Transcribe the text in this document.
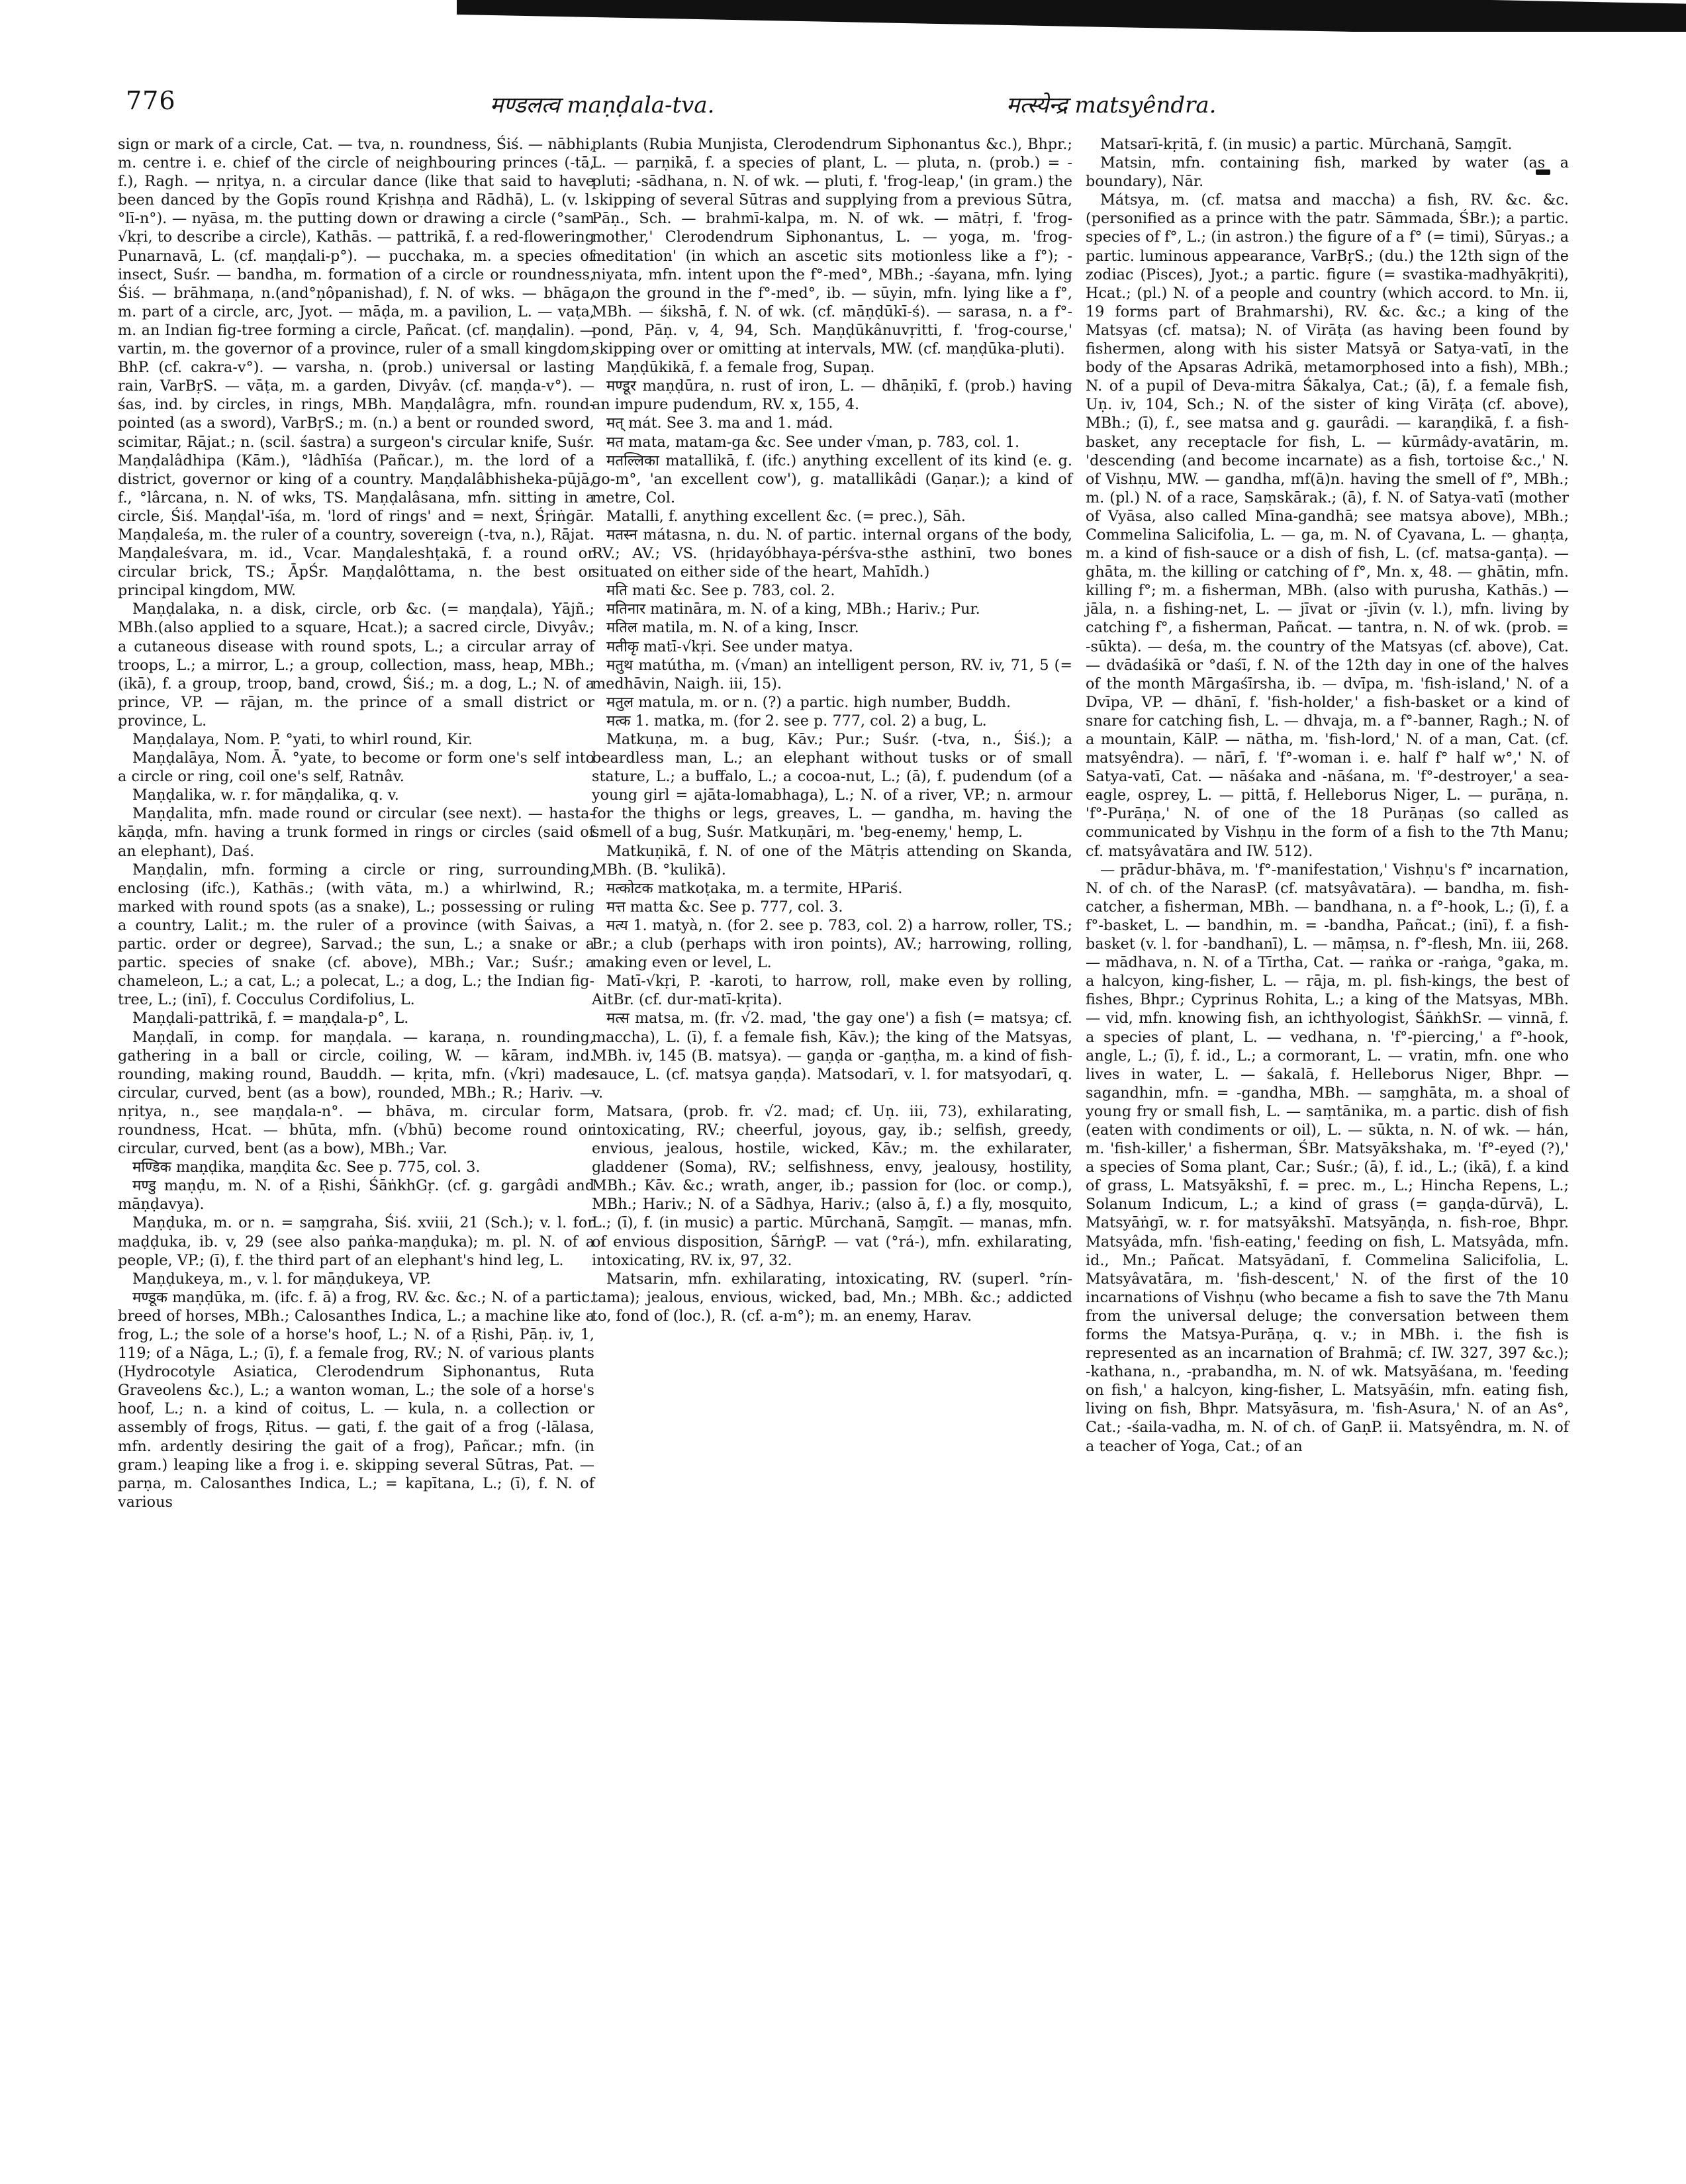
776	मण्डलत्व maṇḍala-tva.	मत्स्येन्द्र matsyêndra.

sign or mark of a circle, Cat. — tva, n. roundness, Śiś. — nābhi, m. centre i. e. chief of the circle of neighbouring princes (-tā, f.), Ragh. — nṛitya, n. a circular dance (like that said to have been danced by the Gopīs round Kṛishṇa and Rādhā), L. (v. l. °lī-n°). — nyāsa, m. the putting down or drawing a circle (°sam √kṛi, to describe a circle), Kathās. — pattrikā, f. a red-flowering Punarnavā, L. (cf. maṇḍali-p°). — pucchaka, m. a species of insect, Suśr. — bandha, m. formation of a circle or roundness, Śiś. — brāhmaṇa, n.(and°ṇôpanishad), f. N. of wks. — bhāga, m. part of a circle, arc, Jyot. — māḍa, m. a pavilion, L. — vaṭa, m. an Indian fig-tree forming a circle, Pañcat. (cf. maṇḍalin). — vartin, m. the governor of a province, ruler of a small kingdom, BhP. (cf. cakra-v°). — varsha, n. (prob.) universal or lasting rain, VarBṛS. — vāṭa, m. a garden, Divyâv. (cf. maṇḍa-v°). — śas, ind. by circles, in rings, MBh. Maṇḍalâgra, mfn. round-pointed (as a sword), VarBṛS.; m. (n.) a bent or rounded sword, scimitar, Rājat.; n. (scil. śastra) a surgeon's circular knife, Suśr. Maṇḍalâdhipa (Kām.), °lâdhīśa (Pañcar.), m. the lord of a district, governor or king of a country. Maṇḍalâbhisheka-pūjā, f., °lârcana, n. N. of wks, TS. Maṇḍalâsana, mfn. sitting in a circle, Śiś. Maṇḍal'-īśa, m. 'lord of rings' and = next, Śṛiṅgār. Maṇḍaleśa, m. the ruler of a country, sovereign (-tva, n.), Rājat. Maṇḍaleśvara, m. id., Vcar. Maṇḍaleshṭakā, f. a round or circular brick, TS.; ĀpŚr. Maṇḍalôttama, n. the best or principal kingdom, MW.

Maṇḍalaka, n. a disk, circle, orb &c. (= maṇḍala), Yājñ.; MBh.(also applied to a square, Hcat.); a sacred circle, Divyâv.; a cutaneous disease with round spots, L.; a circular array of troops, L.; a mirror, L.; a group, collection, mass, heap, MBh.; (ikā), f. a group, troop, band, crowd, Śiś.; m. a dog, L.; N. of a prince, VP. — rājan, m. the prince of a small district or province, L.

Maṇḍalaya, Nom. P. °yati, to whirl round, Kir.

Maṇḍalāya, Nom. Ā. °yate, to become or form one's self into a circle or ring, coil one's self, Ratnâv.

Maṇḍalika, w. r. for māṇḍalika, q. v.

Maṇḍalita, mfn. made round or circular (see next). — hasta-kāṇḍa, mfn. having a trunk formed in rings or circles (said of an elephant), Daś.

Maṇḍalin, mfn. forming a circle or ring, surrounding, enclosing (ifc.), Kathās.; (with vāta, m.) a whirlwind, R.; marked with round spots (as a snake), L.; possessing or ruling a country, Lalit.; m. the ruler of a province (with Śaivas, a partic. order or degree), Sarvad.; the sun, L.; a snake or a partic. species of snake (cf. above), MBh.; Var.; Suśr.; a chameleon, L.; a cat, L.; a polecat, L.; a dog, L.; the Indian fig-tree, L.; (inī), f. Cocculus Cordifolius, L.

Maṇḍali-pattrikā, f. = maṇḍala-p°, L.

Maṇḍalī, in comp. for maṇḍala. — karaṇa, n. rounding, gathering in a ball or circle, coiling, W. — kāram, ind. rounding, making round, Bauddh. — kṛita, mfn. (√kṛi) made circular, curved, bent (as a bow), rounded, MBh.; R.; Hariv. — nṛitya, n., see maṇḍala-n°. — bhāva, m. circular form, roundness, Hcat. — bhūta, mfn. (√bhū) become round or circular, curved, bent (as a bow), MBh.; Var.

मण्डिक maṇḍika, maṇḍita &c. See p. 775, col. 3.

मण्डु maṇḍu, m. N. of a Ṛishi, ŚāṅkhGṛ. (cf. g. gargâdi and māṇḍavya).

Maṇḍuka, m. or n. = saṃgraha, Śiś. xviii, 21 (Sch.); v. l. for maḍḍuka, ib. v, 29 (see also paṅka-maṇḍuka); m. pl. N. of a people, VP.; (ī), f. the third part of an elephant's hind leg, L.

Maṇḍukeya, m., v. l. for māṇḍukeya, VP.

मण्डूक maṇḍūka, m. (ifc. f. ā) a frog, RV. &c. &c.; N. of a partic. breed of horses, MBh.; Calosanthes Indica, L.; a machine like a frog, L.; the sole of a horse's hoof, L.; N. of a Ṛishi, Pāṇ. iv, 1, 119; of a Nāga, L.; (ī), f. a female frog, RV.; N. of various plants (Hydrocotyle Asiatica, Clerodendrum Siphonantus, Ruta Graveolens &c.), L.; a wanton woman, L.; the sole of a horse's hoof, L.; n. a kind of coitus, L. — kula, n. a collection or assembly of frogs, Ṛitus. — gati, f. the gait of a frog (-lālasa, mfn. ardently desiring the gait of a frog), Pañcar.; mfn. (in gram.) leaping like a frog i. e. skipping several Sūtras, Pat. — parṇa, m. Calosanthes Indica, L.; = kapītana, L.; (ī), f. N. of various

plants (Rubia Munjista, Clerodendrum Siphonantus &c.), Bhpr.; L. — parṇikā, f. a species of plant, L. — pluta, n. (prob.) = -pluti; -sādhana, n. N. of wk. — pluti, f. 'frog-leap,' (in gram.) the skipping of several Sūtras and supplying from a previous Sūtra, Pāṇ., Sch. — brahmī-kalpa, m. N. of wk. — mātṛi, f. 'frog-mother,' Clerodendrum Siphonantus, L. — yoga, m. 'frog-meditation' (in which an ascetic sits motionless like a f°); -niyata, mfn. intent upon the f°-med°, MBh.; -śayana, mfn. lying on the ground in the f°-med°, ib. — sūyin, mfn. lying like a f°, MBh. — śikshā, f. N. of wk. (cf. māṇḍūkī-ś). — sarasa, n. a f°-pond, Pāṇ. v, 4, 94, Sch. Maṇḍūkânuvṛitti, f. 'frog-course,' skipping over or omitting at intervals, MW. (cf. maṇḍūka-pluti).

Maṇḍūkikā, f. a female frog, Supaṇ.

मण्डूर maṇḍūra, n. rust of iron, L. — dhāṇikī, f. (prob.) having an impure pudendum, RV. x, 155, 4.

मत् mát. See 3. ma and 1. mád.

मत mata, matam-ga &c. See under √man, p. 783, col. 1.

मतल्लिका matallikā, f. (ifc.) anything excellent of its kind (e. g. go-m°, 'an excellent cow'), g. matallikâdi (Gaṇar.); a kind of metre, Col.

Matalli, f. anything excellent &c. (= prec.), Sāh.

मतस्न mátasna, n. du. N. of partic. internal organs of the body, RV.; AV.; VS. (hṛidayóbhaya-pérśva-sthe asthinī, two bones situated on either side of the heart, Mahīdh.)

मति mati &c. See p. 783, col. 2.

मतिनार matināra, m. N. of a king, MBh.; Hariv.; Pur.

मतिल matila, m. N. of a king, Inscr.

मतीकृ matī-√kṛi. See under matya.

मतुथ matútha, m. (√man) an intelligent person, RV. iv, 71, 5 (= medhāvin, Naigh. iii, 15).

मतुल matula, m. or n. (?) a partic. high number, Buddh.

मत्क 1. matka, m. (for 2. see p. 777, col. 2) a bug, L.

Matkuṇa, m. a bug, Kāv.; Pur.; Suśr. (-tva, n., Śiś.); a beardless man, L.; an elephant without tusks or of small stature, L.; a buffalo, L.; a cocoa-nut, L.; (ā), f. pudendum (of a young girl = ajāta-lomabhaga), L.; N. of a river, VP.; n. armour for the thighs or legs, greaves, L. — gandha, m. having the smell of a bug, Suśr. Matkuṇāri, m. 'beg-enemy,' hemp, L.

Matkuṇikā, f. N. of one of the Mātṛis attending on Skanda, MBh. (B. °kulikā).

मत्कोटक matkoṭaka, m. a termite, HPariś.

मत्त matta &c. See p. 777, col. 3.

मत्य 1. matyà, n. (for 2. see p. 783, col. 2) a harrow, roller, TS.; Br.; a club (perhaps with iron points), AV.; harrowing, rolling, making even or level, L.

Matī-√kṛi, P. -karoti, to harrow, roll, make even by rolling, AitBr. (cf. dur-matī-kṛita).

मत्स matsa, m. (fr. √2. mad, 'the gay one') a fish (= matsya; cf. maccha), L. (ī), f. a female fish, Kāv.); the king of the Matsyas, MBh. iv, 145 (B. matsya). — gaṇḍa or -gaṇṭha, m. a kind of fish-sauce, L. (cf. matsya gaṇḍa). Matsodarī, v. l. for matsyodarī, q. v.

Matsara, (prob. fr. √2. mad; cf. Uṇ. iii, 73), exhilarating, intoxicating, RV.; cheerful, joyous, gay, ib.; selfish, greedy, envious, jealous, hostile, wicked, Kāv.; m. the exhilarater, gladdener (Soma), RV.; selfishness, envy, jealousy, hostility, MBh.; Kāv. &c.; wrath, anger, ib.; passion for (loc. or comp.), MBh.; Hariv.; N. of a Sādhya, Hariv.; (also ā, f.) a fly, mosquito, L.; (ī), f. (in music) a partic. Mūrchanā, Saṃgīt. — manas, mfn. of envious disposition, ŚārṅgP. — vat (°rá-), mfn. exhilarating, intoxicating, RV. ix, 97, 32.

Matsarin, mfn. exhilarating, intoxicating, RV. (superl. °rín-tama); jealous, envious, wicked, bad, Mn.; MBh. &c.; addicted to, fond of (loc.), R. (cf. a-m°); m. an enemy, Harav.

Matsarī-kṛitā, f. (in music) a partic. Mūrchanā, Saṃgīt.

Matsin, mfn. containing fish, marked by water (as a boundary), Nār.

Mátsya, m. (cf. matsa and maccha) a fish, RV. &c. &c. (personified as a prince with the patr. Sāmmada, ŚBr.); a partic. species of f°, L.; (in astron.) the figure of a f° (= timi), Sūryas.; a partic. luminous appearance, VarBṛS.; (du.) the 12th sign of the zodiac (Pisces), Jyot.; a partic. figure (= svastika-madhyākṛiti), Hcat.; (pl.) N. of a people and country (which accord. to Mn. ii, 19 forms part of Brahmarshi), RV. &c. &c.; a king of the Matsyas (cf. matsa); N. of Virāṭa (as having been found by fishermen, along with his sister Matsyā or Satya-vatī, in the body of the Apsaras Adrikā, metamorphosed into a fish), MBh.; N. of a pupil of Deva-mitra Śākalya, Cat.; (ā), f. a female fish, Uṇ. iv, 104, Sch.; N. of the sister of king Virāṭa (cf. above), MBh.; (ī), f., see matsa and g. gaurâdi. — karaṇḍikā, f. a fish-basket, any receptacle for fish, L. — kūrmâdy-avatārin, m. 'descending (and become incarnate) as a fish, tortoise &c.,' N. of Vishṇu, MW. — gandha, mf(ā)n. having the smell of f°, MBh.; m. (pl.) N. of a race, Saṃskārak.; (ā), f. N. of Satya-vatī (mother of Vyāsa, also called Mīna-gandhā; see matsya above), MBh.; Commelina Salicifolia, L. — ga, m. N. of Cyavana, L. — ghaṇṭa, m. a kind of fish-sauce or a dish of fish, L. (cf. matsa-ganṭa). — ghāta, m. the killing or catching of f°, Mn. x, 48. — ghātin, mfn. killing f°; m. a fisherman, MBh. (also with purusha, Kathās.) — jāla, n. a fishing-net, L. — jīvat or -jīvin (v. l.), mfn. living by catching f°, a fisherman, Pañcat. — tantra, n. N. of wk. (prob. = -sūkta). — deśa, m. the country of the Matsyas (cf. above), Cat. — dvādaśikā or °daśī, f. N. of the 12th day in one of the halves of the month Mārgaśīrsha, ib. — dvīpa, m. 'fish-island,' N. of a Dvīpa, VP. — dhānī, f. 'fish-holder,' a fish-basket or a kind of snare for catching fish, L. — dhvaja, m. a f°-banner, Ragh.; N. of a mountain, KālP. — nātha, m. 'fish-lord,' N. of a man, Cat. (cf. matsyêndra). — nārī, f. 'f°-woman i. e. half f° half w°,' N. of Satya-vatī, Cat. — nāśaka and -nāśana, m. 'f°-destroyer,' a sea-eagle, osprey, L. — pittā, f. Helleborus Niger, L. — purāṇa, n. 'f°-Purāṇa,' N. of one of the 18 Purāṇas (so called as communicated by Vishṇu in the form of a fish to the 7th Manu; cf. matsyâvatāra and IW. 512).

— prādur-bhāva, m. 'f°-manifestation,' Vishṇu's f° incarnation, N. of ch. of the NarasP. (cf. matsyâvatāra). — bandha, m. fish-catcher, a fisherman, MBh. — bandhana, n. a f°-hook, L.; (ī), f. a f°-basket, L. — bandhin, m. = -bandha, Pañcat.; (inī), f. a fish-basket (v. l. for -bandhanī), L. — māṃsa, n. f°-flesh, Mn. iii, 268. — mādhava, n. N. of a Tīrtha, Cat. — raṅka or -raṅga, °gaka, m. a halcyon, king-fisher, L. — rāja, m. pl. fish-kings, the best of fishes, Bhpr.; Cyprinus Rohita, L.; a king of the Matsyas, MBh. — vid, mfn. knowing fish, an ichthyologist, ŚāṅkhSr. — vinnā, f. a species of plant, L. — vedhana, n. 'f°-piercing,' a f°-hook, angle, L.; (ī), f. id., L.; a cormorant, L. — vratin, mfn. one who lives in water, L. — śakalā, f. Helleborus Niger, Bhpr. — sagandhin, mfn. = -gandha, MBh. — saṃghāta, m. a shoal of young fry or small fish, L. — saṃtānika, m. a partic. dish of fish (eaten with condiments or oil), L. — sūkta, n. N. of wk. — hán, m. 'fish-killer,' a fisherman, ŚBr. Matsyākshaka, m. 'f°-eyed (?),' a species of Soma plant, Car.; Suśr.; (ā), f. id., L.; (ikā), f. a kind of grass, L. Matsyākshī, f. = prec. m., L.; Hincha Repens, L.; Solanum Indicum, L.; a kind of grass (= gaṇḍa-dūrvā), L. Matsyāṅgī, w. r. for matsyākshī. Matsyāṇḍa, n. fish-roe, Bhpr. Matsyâda, mfn. 'fish-eating,' feeding on fish, L. Matsyâda, mfn. id., Mn.; Pañcat. Matsyādanī, f. Commelina Salicifolia, L. Matsyâvatāra, m. 'fish-descent,' N. of the first of the 10 incarnations of Vishṇu (who became a fish to save the 7th Manu from the universal deluge; the conversation between them forms the Matsya-Purāṇa, q. v.; in MBh. i. the fish is represented as an incarnation of Brahmā; cf. IW. 327, 397 &c.); -kathana, n., -prabandha, m. N. of wk. Matsyāśana, m. 'feeding on fish,' a halcyon, king-fisher, L. Matsyāśin, mfn. eating fish, living on fish, Bhpr. Matsyāsura, m. 'fish-Asura,' N. of an As°, Cat.; -śaila-vadha, m. N. of ch. of GaṇP. ii. Matsyêndra, m. N. of a teacher of Yoga, Cat.; of an
